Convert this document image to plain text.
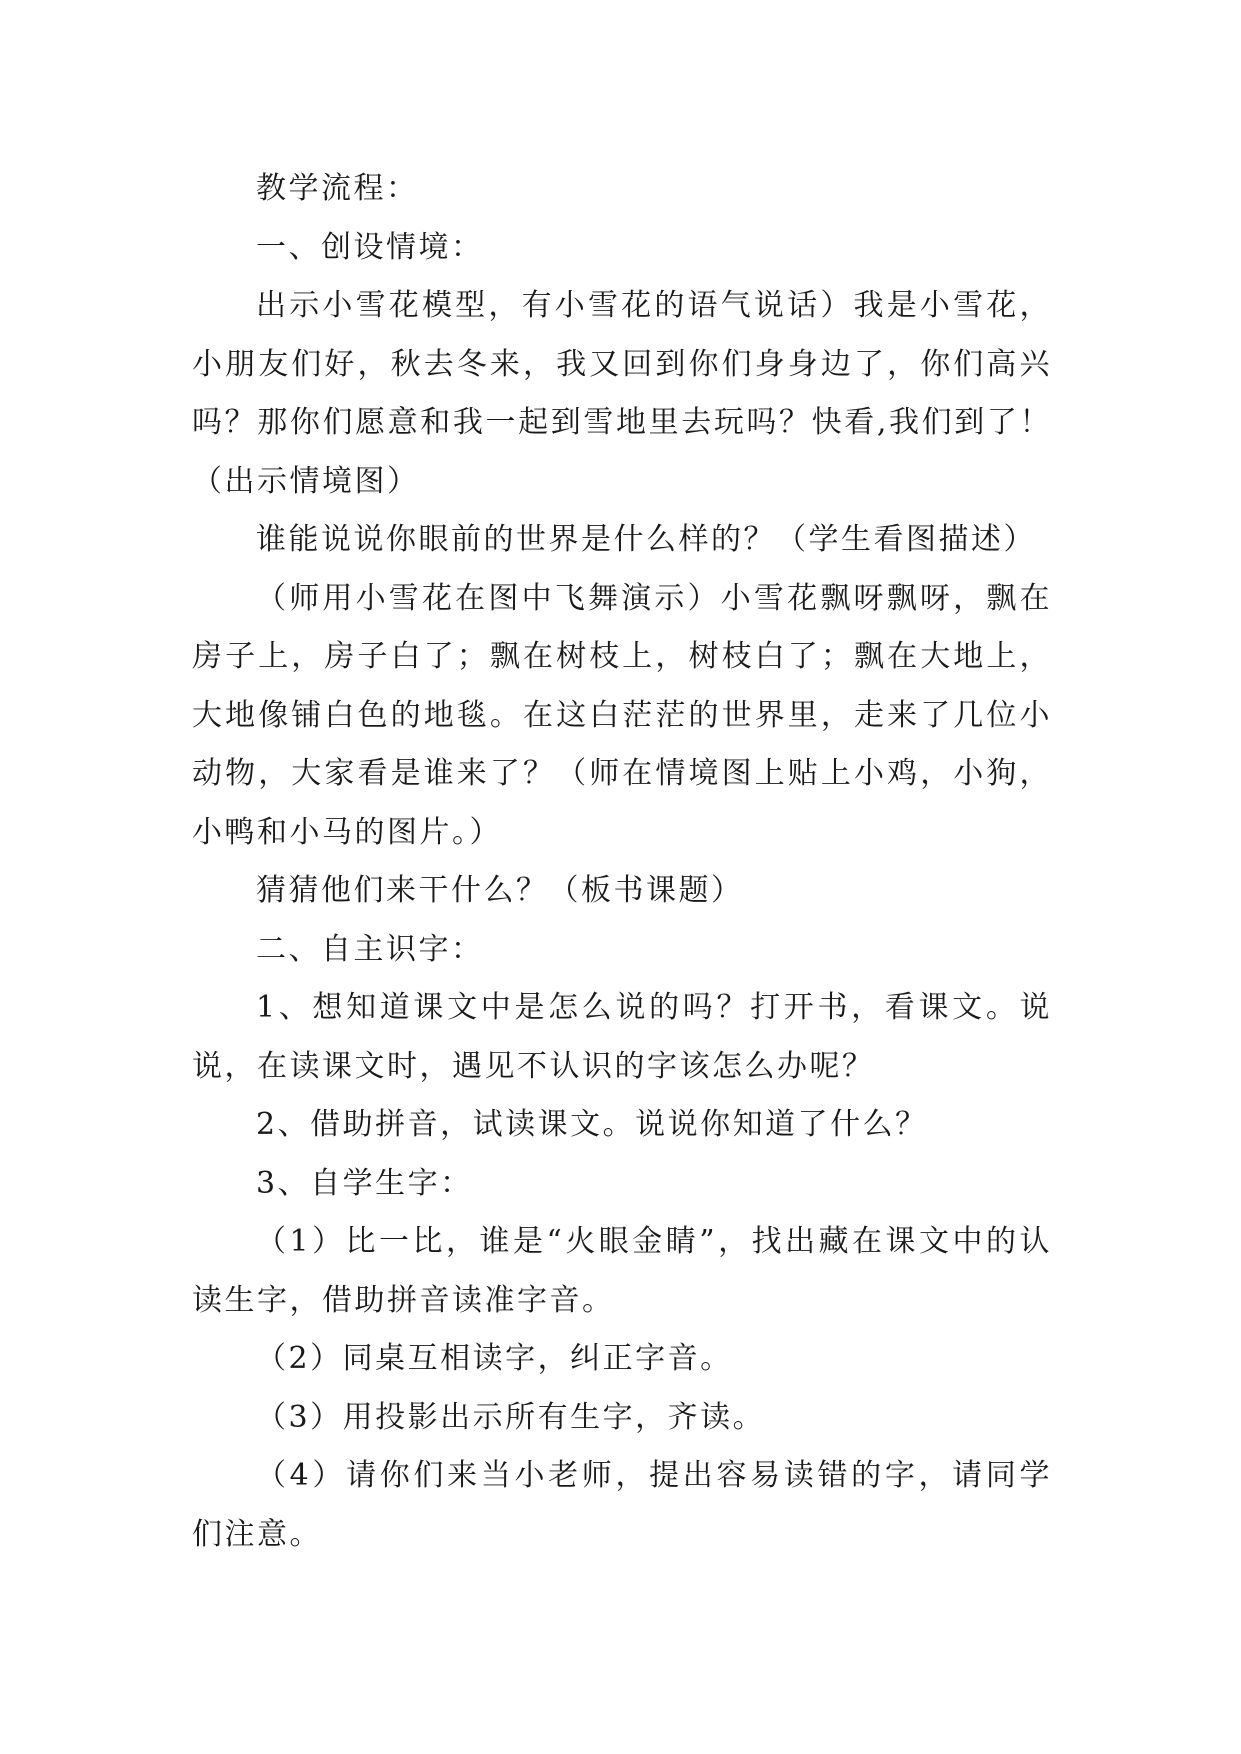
教学流程：

一、创设情境：

出示小雪花模型，有小雪花的语气说话）我是小雪花，小朋友们好，秋去冬来，我又回到你们身身边了，你们高兴吗？那你们愿意和我一起到雪地里去玩吗？快看,我们到了！（出示情境图）

谁能说说你眼前的世界是什么样的？（学生看图描述）

（师用小雪花在图中飞舞演示）小雪花飘呀飘呀，飘在房子上，房子白了；飘在树枝上，树枝白了；飘在大地上，大地像铺白色的地毯。在这白茫茫的世界里，走来了几位小动物，大家看是谁来了？（师在情境图上贴上小鸡，小狗，小鸭和小马的图片。）

猜猜他们来干什么？（板书课题）

二、自主识字：

1、想知道课文中是怎么说的吗？打开书，看课文。说说，在读课文时，遇见不认识的字该怎么办呢？

2、借助拼音，试读课文。说说你知道了什么？

3、自学生字：

（1）比一比，谁是“火眼金睛”，找出藏在课文中的认读生字，借助拼音读准字音。

（2）同桌互相读字，纠正字音。

（3）用投影出示所有生字，齐读。

（4）请你们来当小老师，提出容易读错的字，请同学们注意。
